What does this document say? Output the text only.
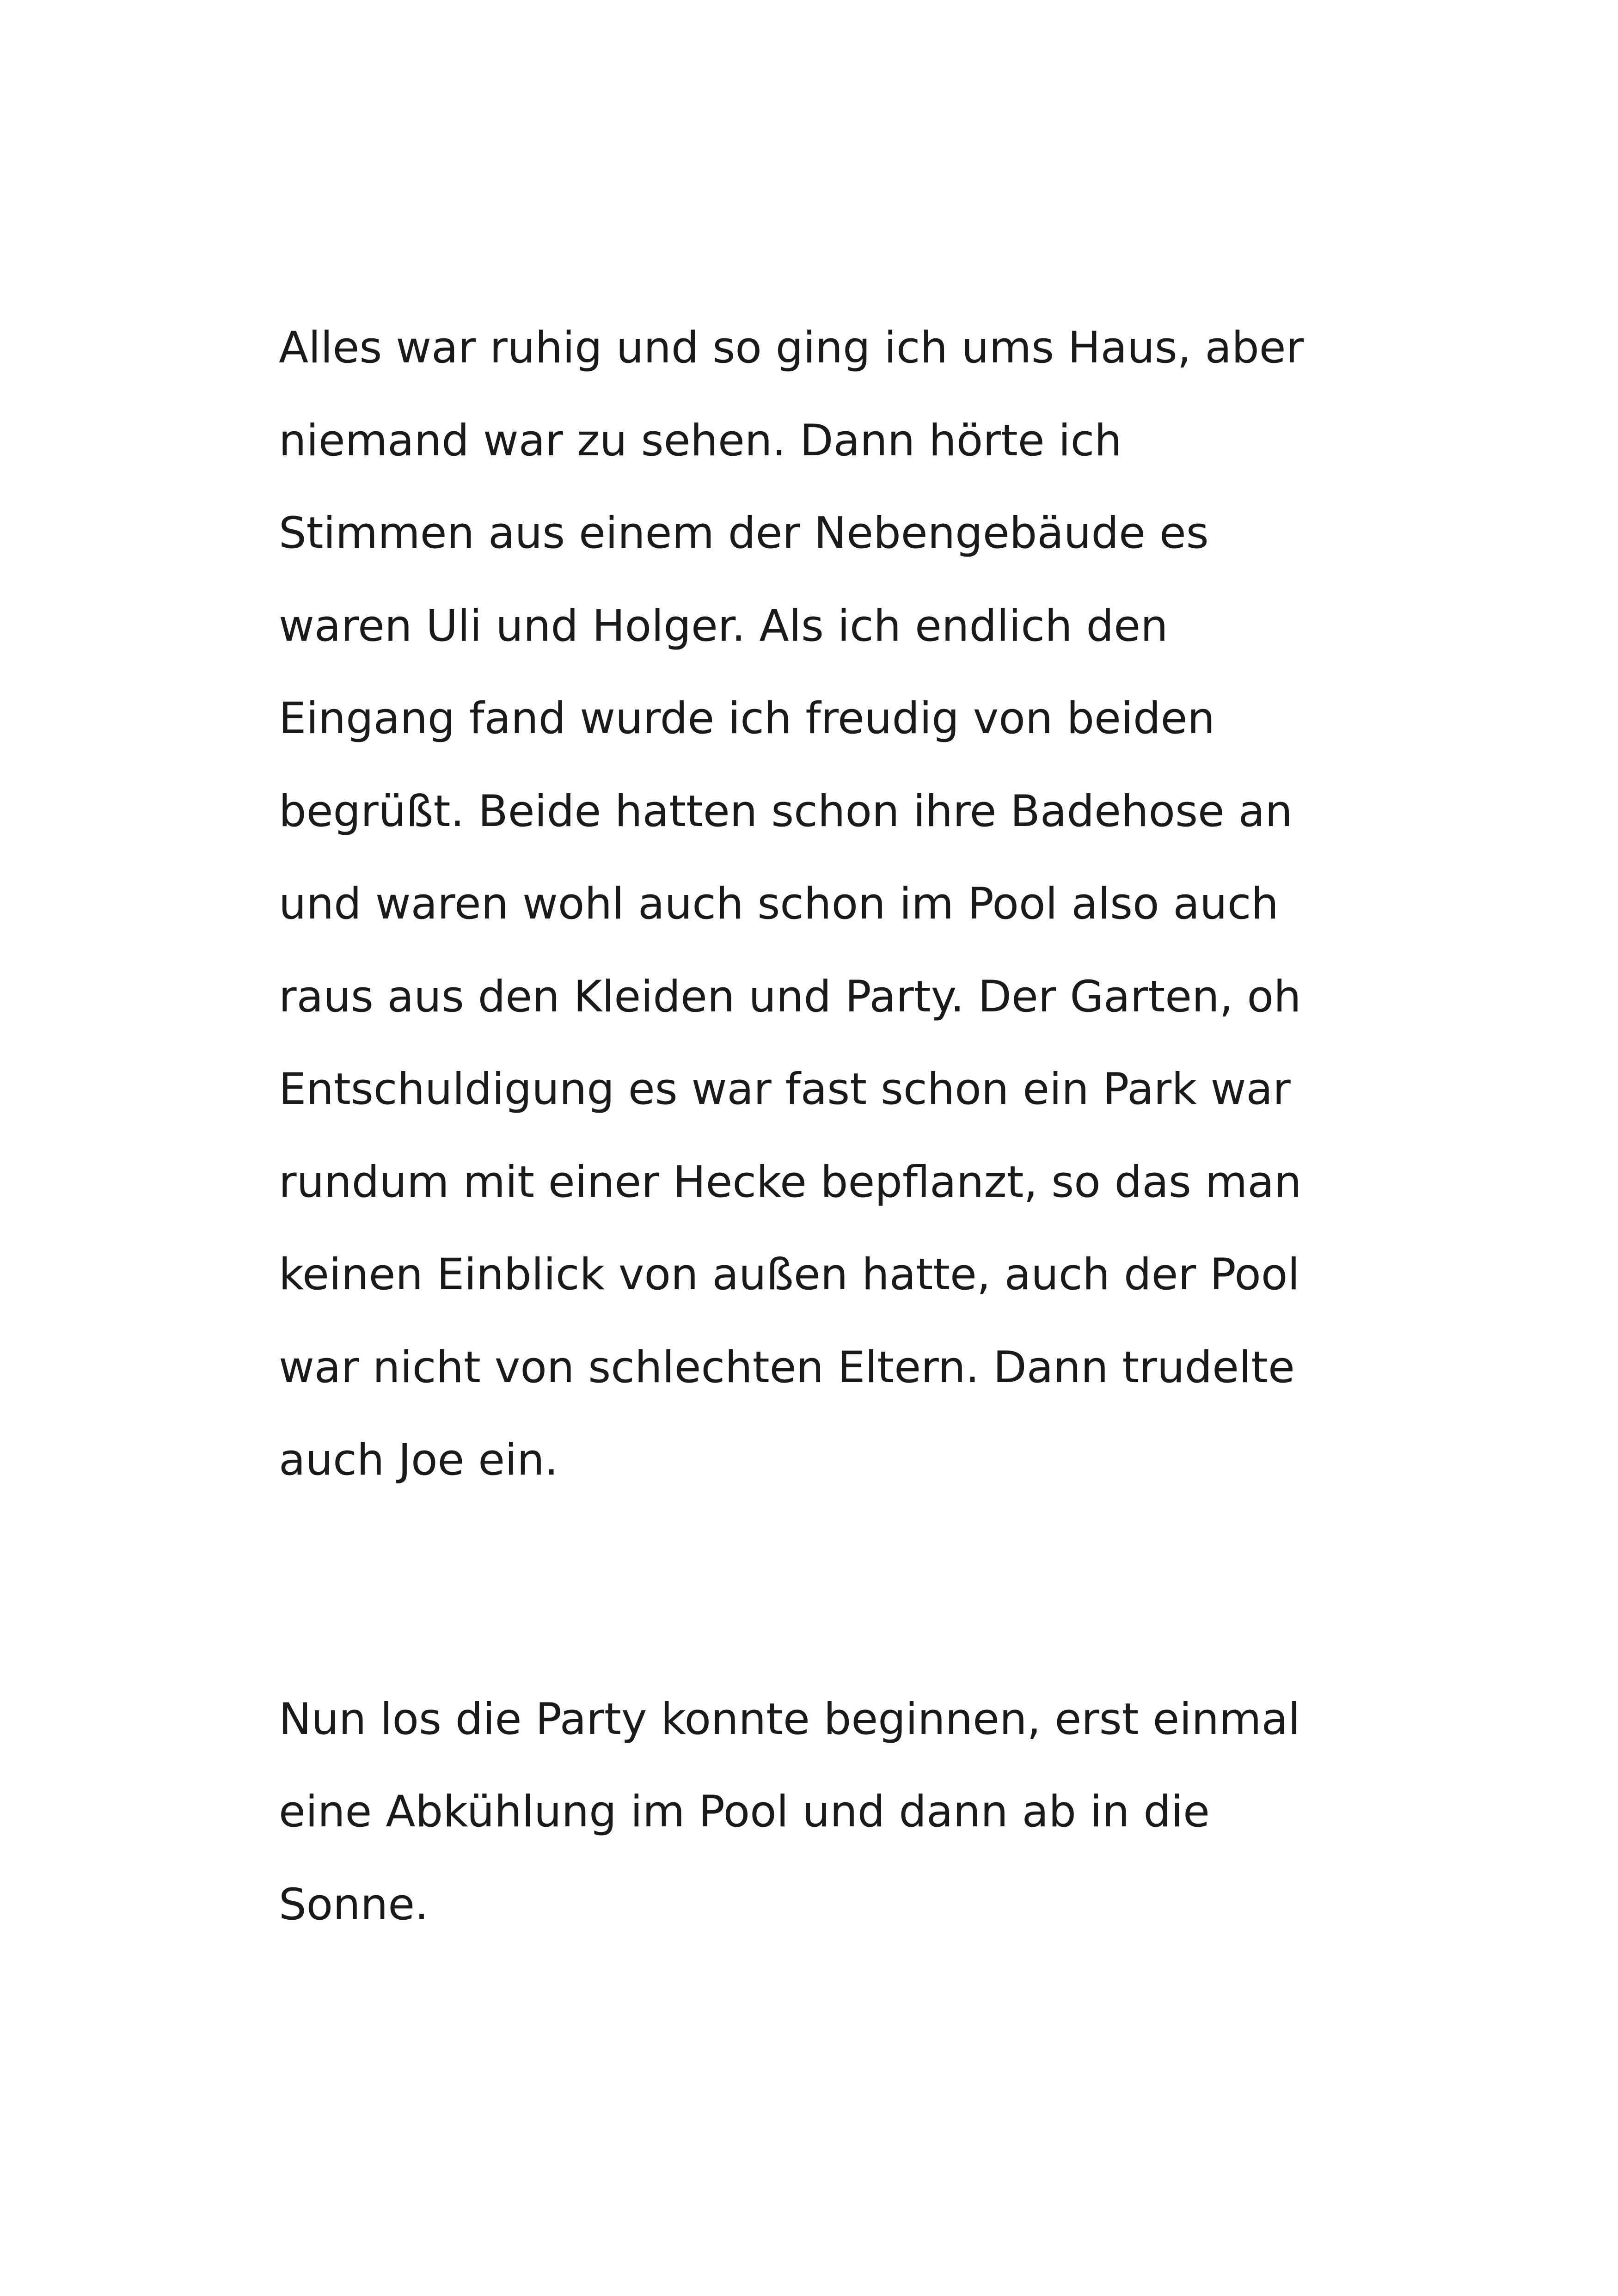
Alles war ruhig und so ging ich ums Haus, aber
niemand war zu sehen. Dann hörte ich
Stimmen aus einem der Nebengebäude es
waren Uli und Holger. Als ich endlich den
Eingang fand wurde ich freudig von beiden
begrüßt. Beide hatten schon ihre Badehose an
und waren wohl auch schon im Pool also auch
raus aus den Kleiden und Party. Der Garten, oh
Entschuldigung es war fast schon ein Park war
rundum mit einer Hecke bepflanzt, so das man
keinen Einblick von außen hatte, auch der Pool
war nicht von schlechten Eltern. Dann trudelte
auch Joe ein.
Nun los die Party konnte beginnen, erst einmal
eine Abkühlung im Pool und dann ab in die
Sonne.
